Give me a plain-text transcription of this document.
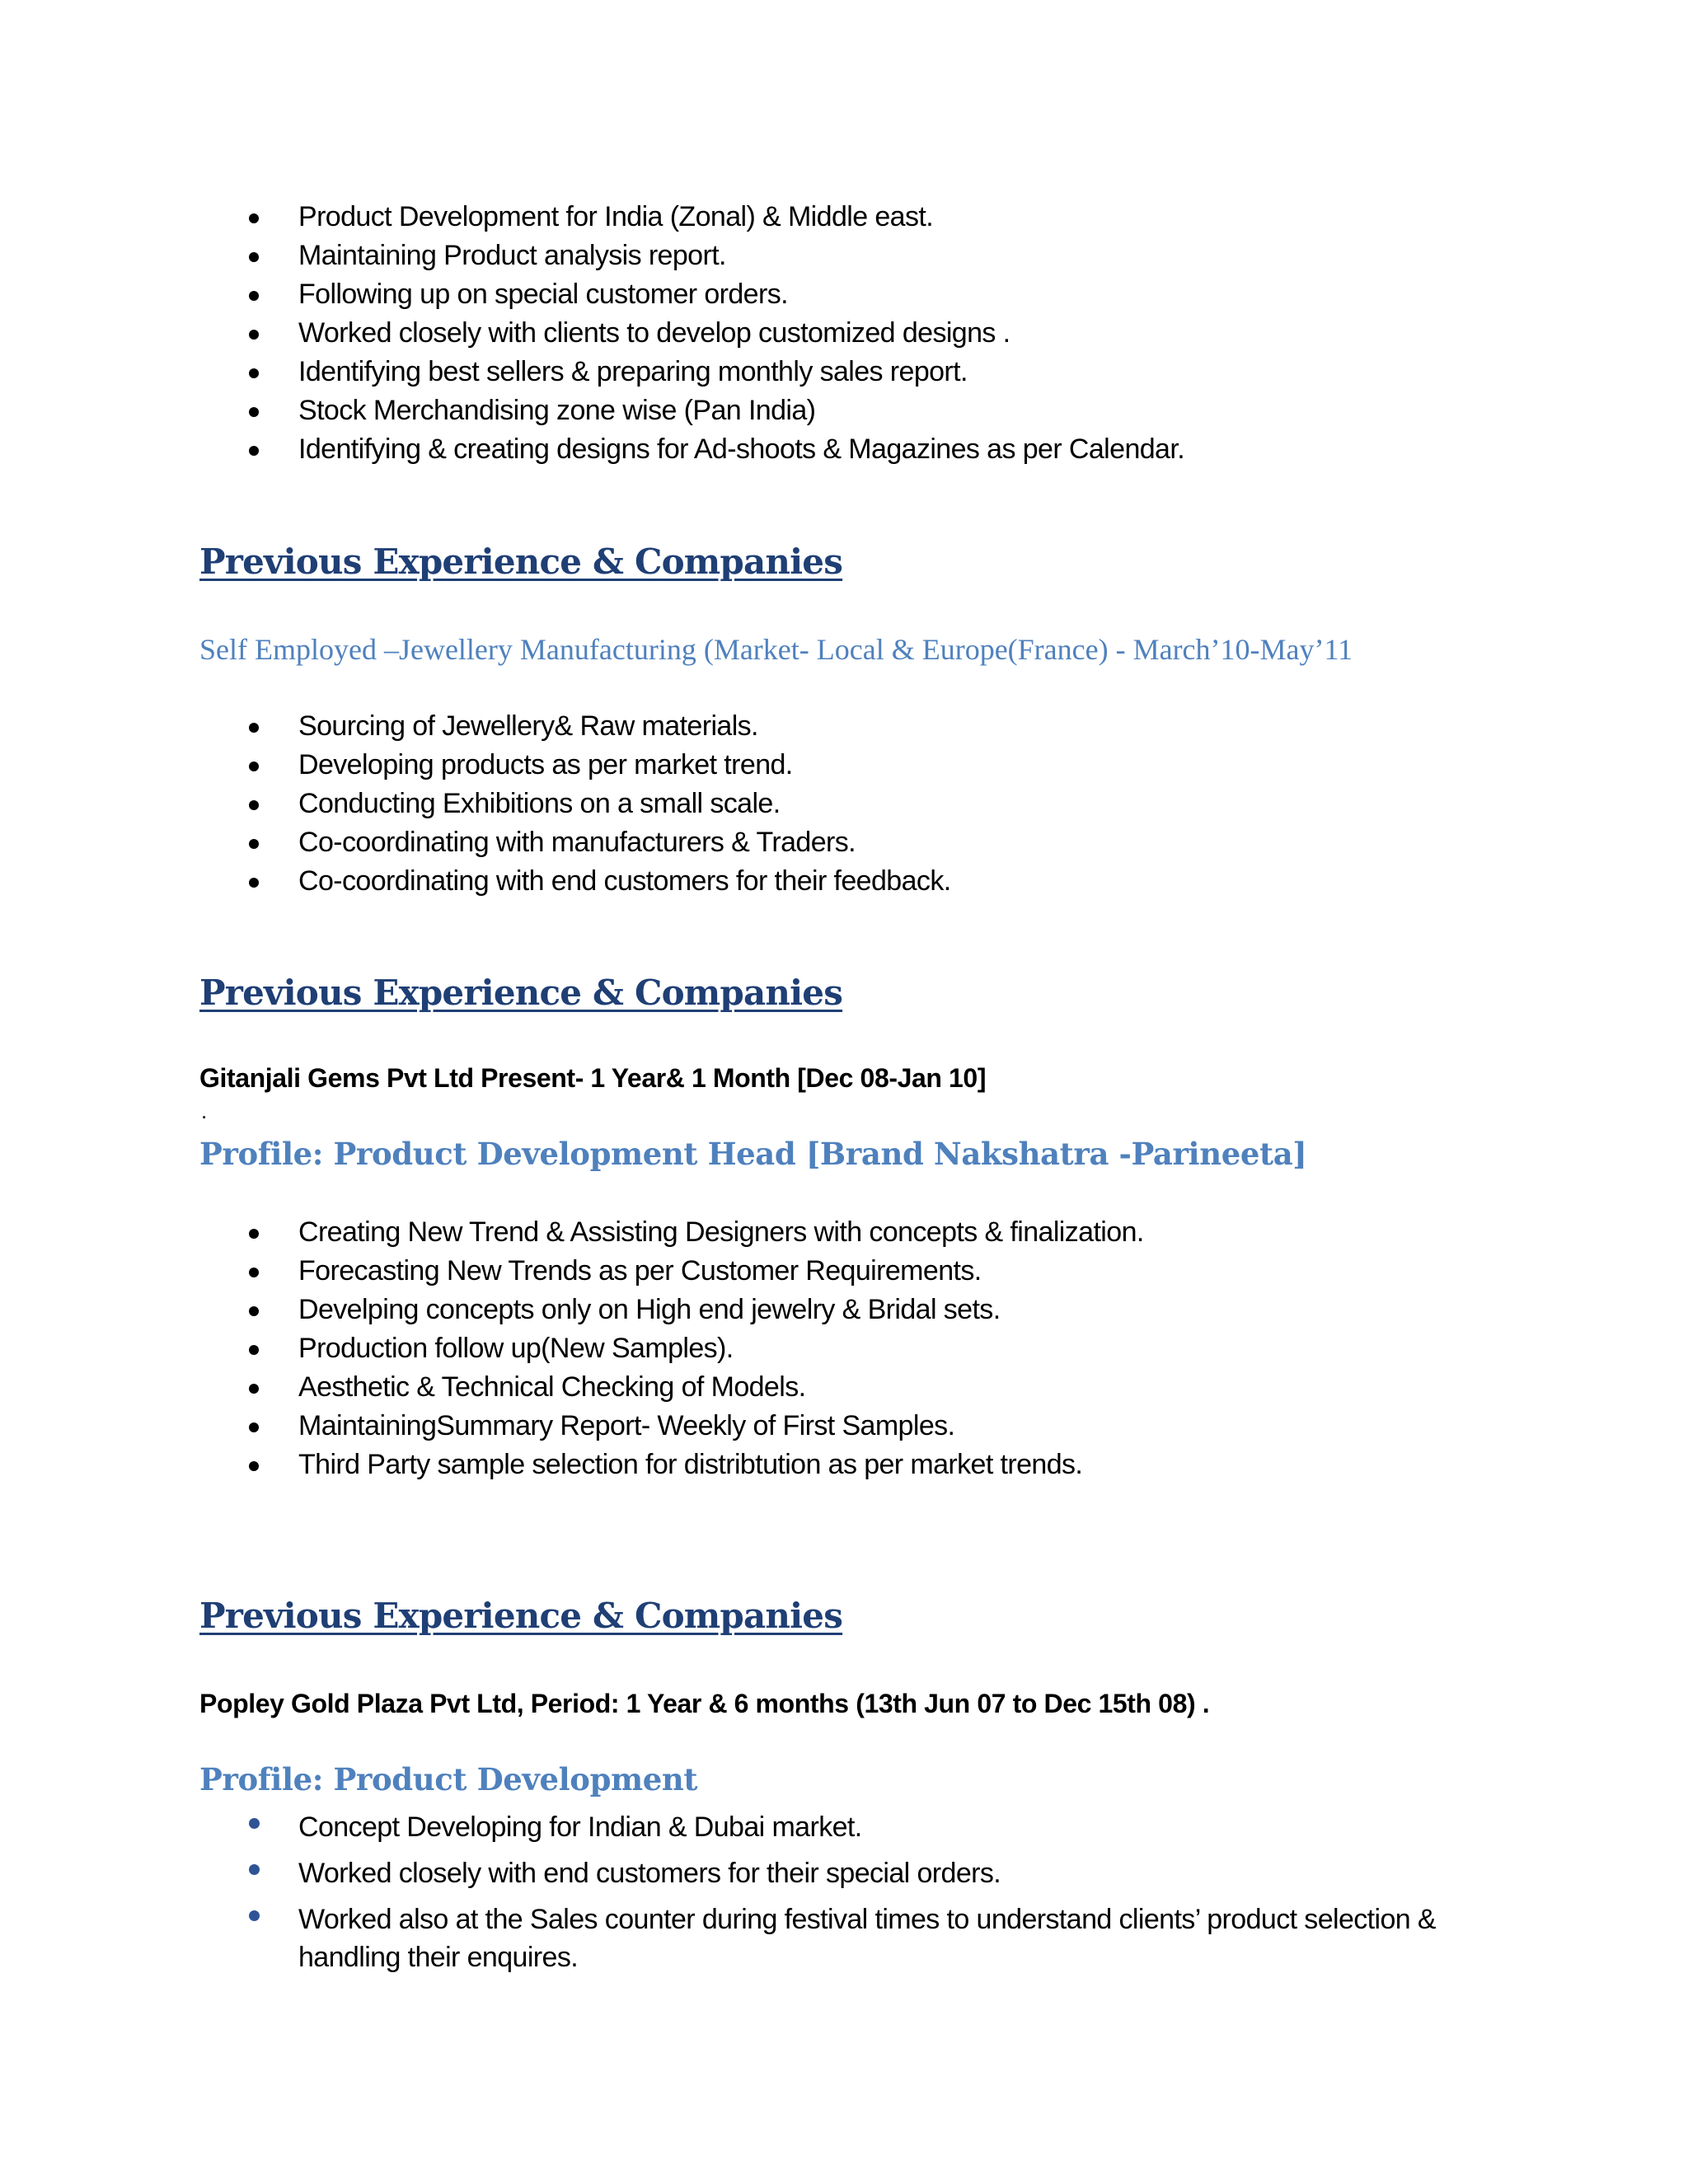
Product Development for India (Zonal) & Middle east.
Maintaining Product analysis report.
Following up on special customer orders.
Worked closely with clients to develop customized designs .
Identifying best sellers & preparing monthly sales report.
Stock Merchandising zone wise (Pan India)
Identifying & creating designs for Ad-shoots & Magazines as per Calendar.
Previous Experience & Companies
Self Employed –Jewellery Manufacturing (Market- Local & Europe(France) - March’10-May’11
Sourcing of Jewellery& Raw materials.
Developing products as per market trend.
Conducting Exhibitions on a small scale.
Co-coordinating with manufacturers & Traders.
Co-coordinating with end customers for their feedback.
Previous Experience & Companies
Gitanjali Gems Pvt Ltd Present- 1 Year& 1 Month [Dec 08-Jan 10]
.
Profile: Product Development Head [Brand Nakshatra -Parineeta]
Creating New Trend & Assisting Designers with concepts & finalization.
Forecasting New Trends as per Customer Requirements.
Develping concepts only on High end jewelry & Bridal sets.
Production follow up(New Samples).
Aesthetic & Technical Checking of Models.
MaintainingSummary Report- Weekly of First Samples.
Third Party sample selection for distribtution as per market trends.
Previous Experience & Companies
Popley Gold Plaza Pvt Ltd, Period: 1 Year & 6 months (13th Jun 07 to Dec 15th 08) .
Profile: Product Development
Concept Developing for Indian & Dubai market.
Worked closely with end customers for their special orders.
Worked also at the Sales counter during festival times to understand clients’ product selection & handling their enquires.
